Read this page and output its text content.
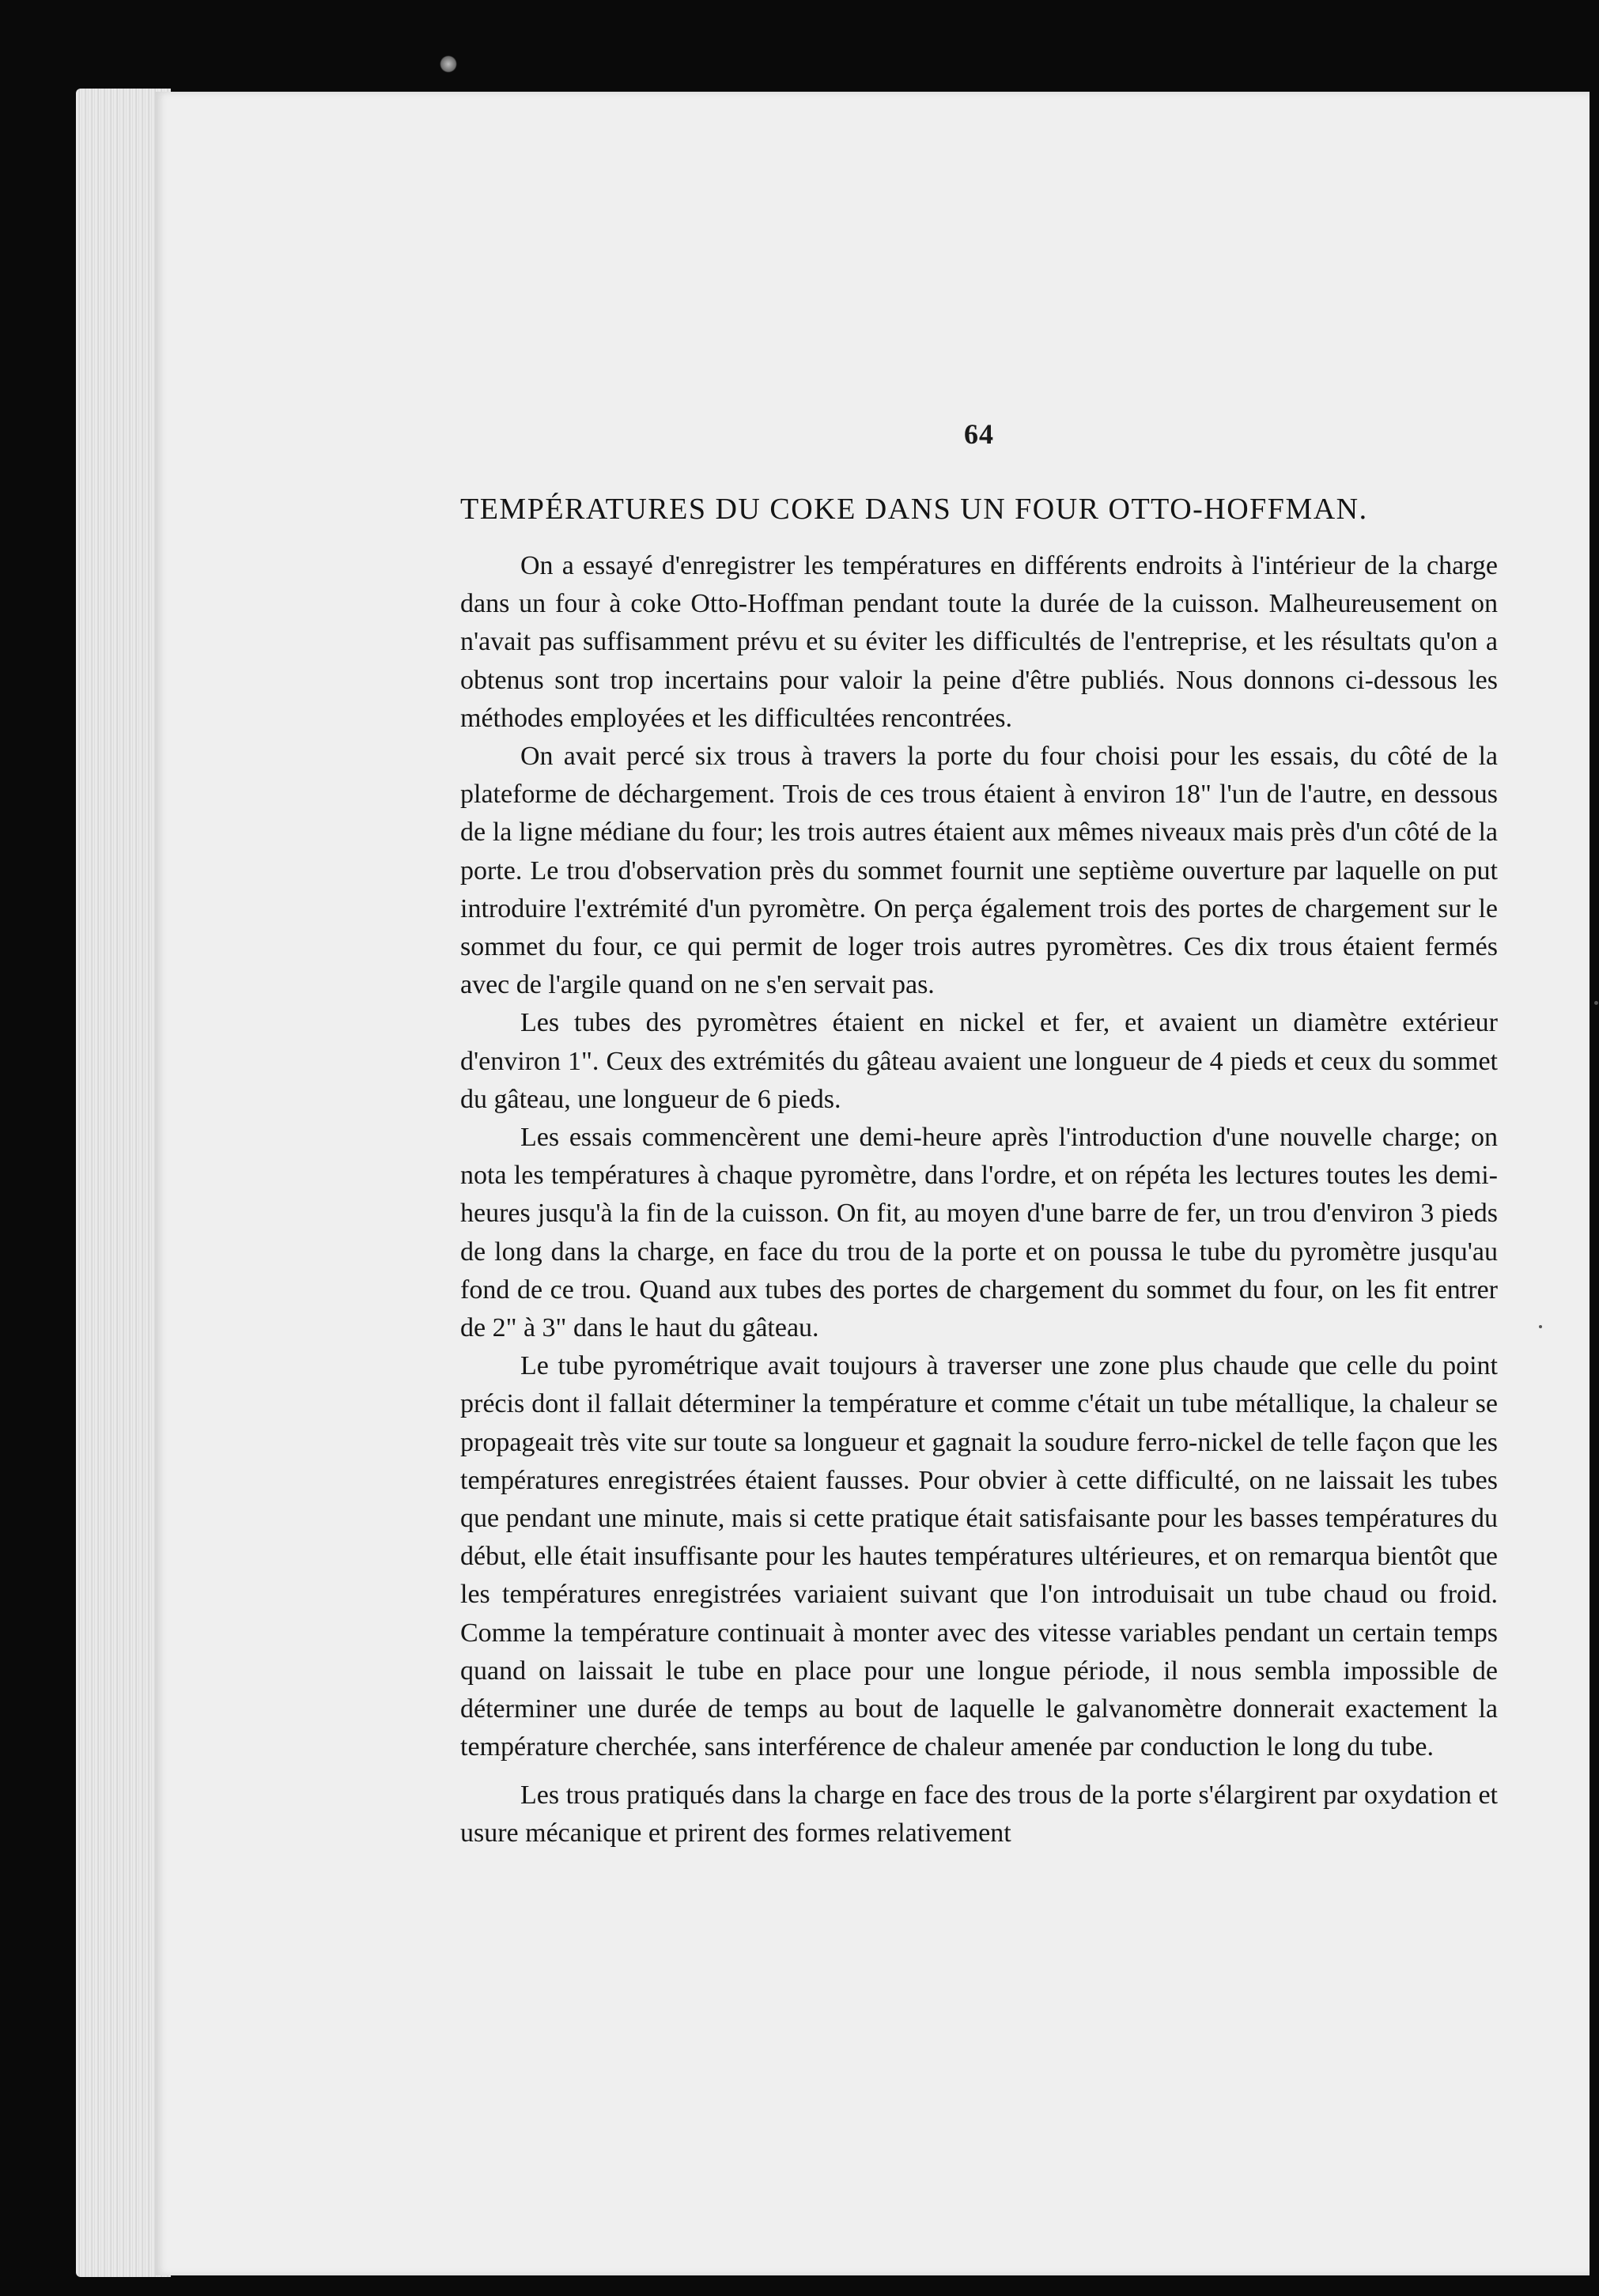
64
TEMPÉRATURES DU COKE DANS UN FOUR OTTO-HOFFMAN.

On a essayé d'enregistrer les températures en différents endroits à l'intérieur de la charge dans un four à coke Otto-Hoffman pendant toute la durée de la cuisson. Malheureusement on n'avait pas suffisamment prévu et su éviter les difficultés de l'entreprise, et les résultats qu'on a obtenus sont trop incertains pour valoir la peine d'être publiés. Nous donnons ci-dessous les méthodes employées et les difficultées rencontrées.

On avait percé six trous à travers la porte du four choisi pour les essais, du côté de la plateforme de déchargement. Trois de ces trous étaient à environ 18" l'un de l'autre, en dessous de la ligne médiane du four; les trois autres étaient aux mêmes niveaux mais près d'un côté de la porte. Le trou d'observation près du sommet fournit une septième ouverture par laquelle on put introduire l'extrémité d'un pyromètre. On perça également trois des portes de chargement sur le sommet du four, ce qui permit de loger trois autres pyromètres. Ces dix trous étaient fermés avec de l'argile quand on ne s'en servait pas.

Les tubes des pyromètres étaient en nickel et fer, et avaient un diamètre extérieur d'environ 1". Ceux des extrémités du gâteau avaient une longueur de 4 pieds et ceux du sommet du gâteau, une longueur de 6 pieds.

Les essais commencèrent une demi-heure après l'introduction d'une nouvelle charge; on nota les températures à chaque pyromètre, dans l'ordre, et on répéta les lectures toutes les demi-heures jusqu'à la fin de la cuisson. On fit, au moyen d'une barre de fer, un trou d'environ 3 pieds de long dans la charge, en face du trou de la porte et on poussa le tube du pyromètre jusqu'au fond de ce trou. Quand aux tubes des portes de chargement du sommet du four, on les fit entrer de 2" à 3" dans le haut du gâteau.

Le tube pyrométrique avait toujours à traverser une zone plus chaude que celle du point précis dont il fallait déterminer la température et comme c'était un tube métallique, la chaleur se propageait très vite sur toute sa longueur et gagnait la soudure ferro-nickel de telle façon que les températures enregistrées étaient fausses. Pour obvier à cette difficulté, on ne laissait les tubes que pendant une minute, mais si cette pratique était satisfaisante pour les basses températures du début, elle était insuffisante pour les hautes températures ultérieures, et on remarqua bientôt que les températures enregistrées variaient suivant que l'on introduisait un tube chaud ou froid. Comme la température continuait à monter avec des vitesse variables pendant un certain temps quand on laissait le tube en place pour une longue période, il nous sembla impossible de déterminer une durée de temps au bout de laquelle le galvanomètre donnerait exactement la température cherchée, sans interférence de chaleur amenée par conduction le long du tube.

Les trous pratiqués dans la charge en face des trous de la porte s'élargirent par oxydation et usure mécanique et prirent des formes relativement
